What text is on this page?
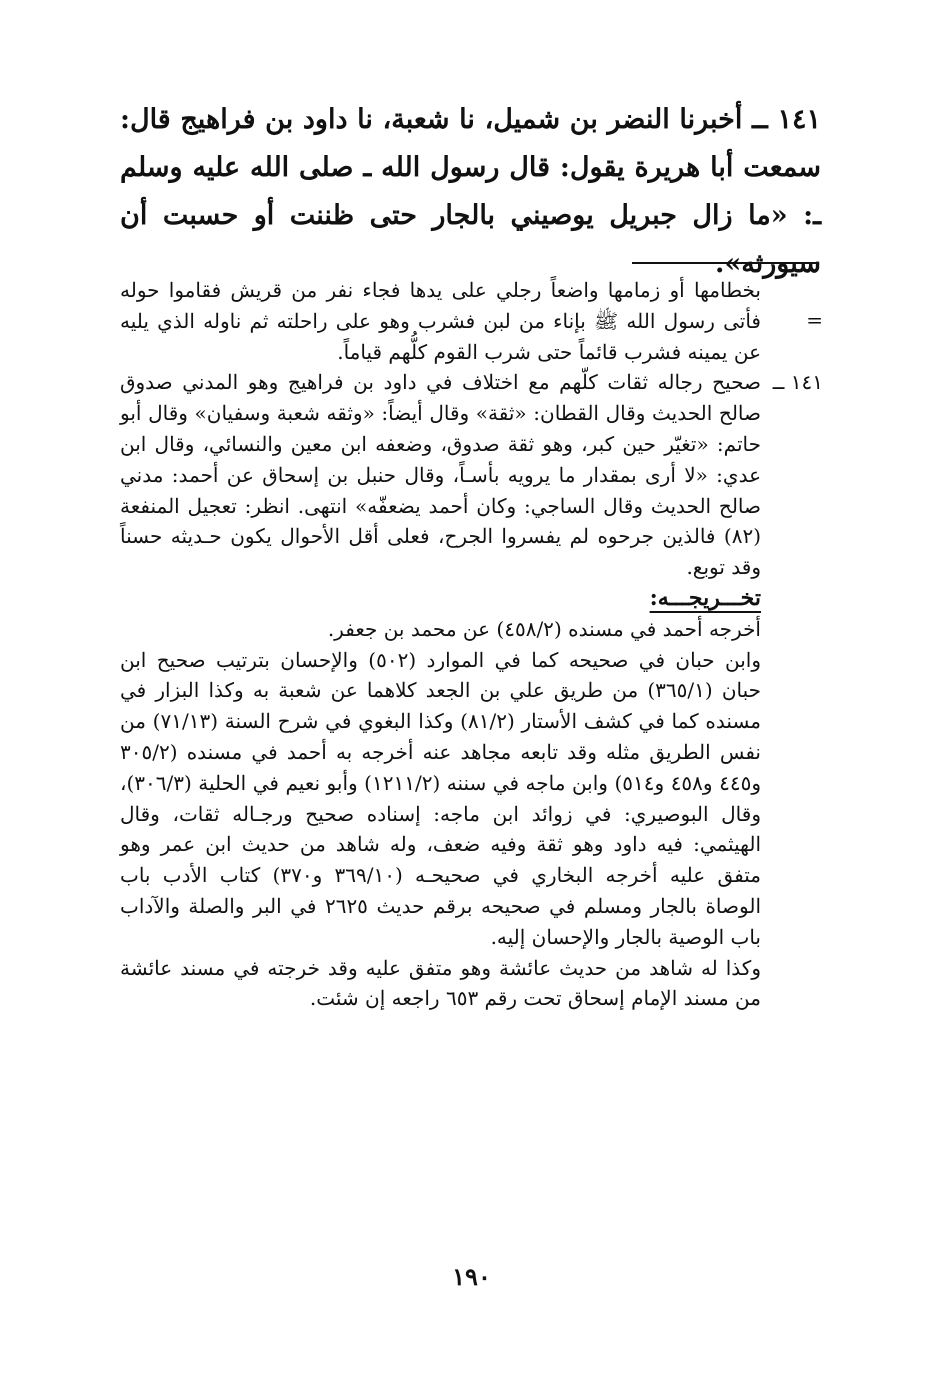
١٤١ ــ أخبرنا النضر بن شميل، نا شعبة، نا داود بن فراهيج قال: سمعت أبا هريرة يقول: قال رسول الله ـ صلى الله عليه وسلم ـ: «ما زال جبريل يوصيني بالجار حتى ظننت أو حسبت أن سيورثه».
=

بخطامها أو زمامها واضعاً رجلي على يدها فجاء نفر من قريش فقاموا حوله فأتى رسول الله ﷺ بإناء من لبن فشرب وهو على راحلته ثم ناوله الذي يليه عن يمينه فشرب قائماً حتى شرب القوم كلُّهم قياماً.

١٤١ ــ

صحيح رجاله ثقات كلّهم مع اختلاف في داود بن فراهيج وهو المدني صدوق صالح الحديث وقال القطان: «ثقة» وقال أيضاً: «وثقه شعبة وسفيان» وقال أبو حاتم: «تغيّر حين كبر، وهو ثقة صدوق، وضعفه ابن معين والنسائي، وقال ابن عدي: «لا أرى بمقدار ما يرويه بأسـاً، وقال حنبل بن إسحاق عن أحمد: مدني صالح الحديث وقال الساجي: وكان أحمد يضعفّه» انتهى. انظر: تعجيل المنفعة (٨٢) فالذين جرحوه لم يفسروا الجرح، فعلى أقل الأحوال يكون حـديثه حسناً وقد توبع.

تخـــريجـــه:

أخرجه أحمد في مسنده (٤٥٨/٢) عن محمد بن جعفر.

وابن حبان في صحيحه كما في الموارد (٥٠٢) والإحسان بترتيب صحيح ابن حبان (٣٦٥/١) من طريق علي بن الجعد كلاهما عن شعبة به وكذا البزار في مسنده كما في كشف الأستار (٨١/٢) وكذا البغوي في شرح السنة (٧١/١٣) من نفس الطريق مثله وقد تابعه مجاهد عنه أخرجه به أحمد في مسنده (٣٠٥/٢ و٤٤٥ و٤٥٨ و٥١٤) وابن ماجه في سننه (١٢١١/٢) وأبو نعيم في الحلية (٣٠٦/٣)، وقال البوصيري: في زوائد ابن ماجه: إسناده صحيح ورجـاله ثقات، وقال الهيثمي: فيه داود وهو ثقة وفيه ضعف، وله شاهد من حديث ابن عمر وهو متفق عليه أخرجه البخاري في صحيحـه (٣٦٩/١٠ و٣٧٠) كتاب الأدب باب الوصاة بالجار ومسلم في صحيحه برقم حديث ٢٦٢٥ في البر والصلة والآداب باب الوصية بالجار والإحسان إليه.

وكذا له شاهد من حديث عائشة وهو متفق عليه وقد خرجته في مسند عائشة من مسند الإمام إسحاق تحت رقم ٦٥٣ راجعه إن شئت.

١٩٠
